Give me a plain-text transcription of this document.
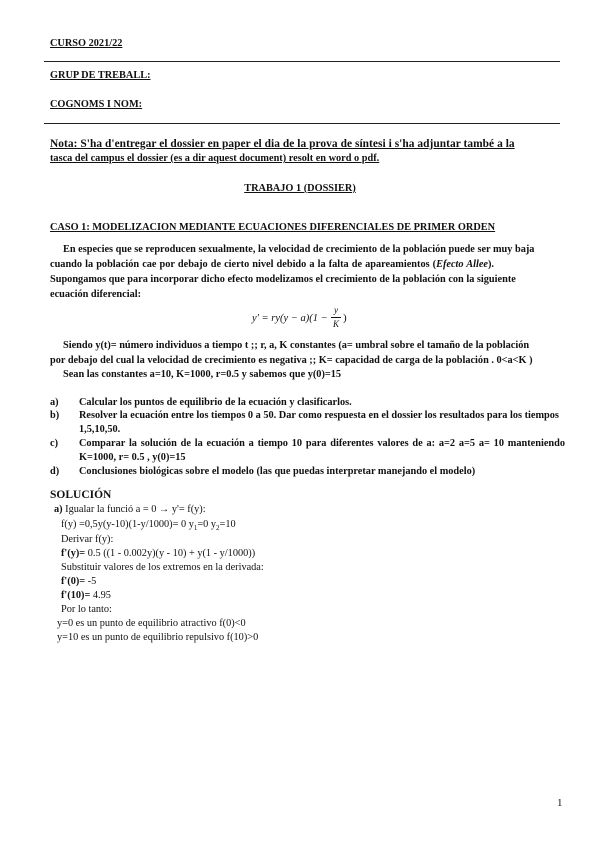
CURSO 2021/22
GRUP DE TREBALL:
COGNOMS I NOM:
Nota: S'ha d'entregar el dossier en paper el dia de la prova de síntesi i s'ha adjuntar també a la
tasca del campus el dossier (es a dir aquest document) resolt en word o pdf.
TRABAJO 1 (DOSSIER)
CASO 1: MODELIZACION MEDIANTE ECUACIONES DIFERENCIALES DE PRIMER ORDEN
En especies que se reproducen sexualmente, la velocidad de crecimiento de la población puede ser muy baja
cuando la población cae por debajo de cierto nivel debido a la falta de apareamientos (Efecto Allee).
Supongamos que para incorporar dicho efecto modelizamos el crecimiento de la población con la siguiente
ecuación diferencial:
y' = ry(y − a)(1 −
y
K )
Siendo y(t)= número individuos a tiempo t ;; r, a, K constantes (a= umbral sobre el tamaño de la población
por debajo del cual la velocidad de crecimiento es negativa ;; K= capacidad de carga de la población . 0<a<K )
Sean las constantes a=10, K=1000, r=0.5 y sabemos que y(0)=15
a) Calcular los puntos de equilibrio de la ecuación y clasificarlos.
b) Resolver la ecuación entre los tiempos 0 a 50. Dar como respuesta en el dossier los resultados para los tiempos 1,5,10,50.
c) Comparar la solución de la ecuación a tiempo 10 para diferentes valores de a: a=2 a=5 a= 10 manteniendo K=1000, r= 0.5 , y(0)=15
d) Conclusiones biológicas sobre el modelo (las que puedas interpretar manejando el modelo)
SOLUCIÓN
a) Igualar la funció a = 0 → y'= f(y):
f(y) =0,5y(y-10)(1-y/1000)= 0 $y_1=0$ $y_2=10$
Derivar f(y):
f'(y)= 0.5 ((1 - 0.002y)(y - 10) + y(1 - y/1000))
Substituir valores de los extremos en la derivada:
f'(0)= -5
f'(10)= 4.95
Por lo tanto:
y=0 es un punto de equilibrio atractivo f(0)<0
y=10 es un punto de equilibrio repulsivo f(10)>0
1
